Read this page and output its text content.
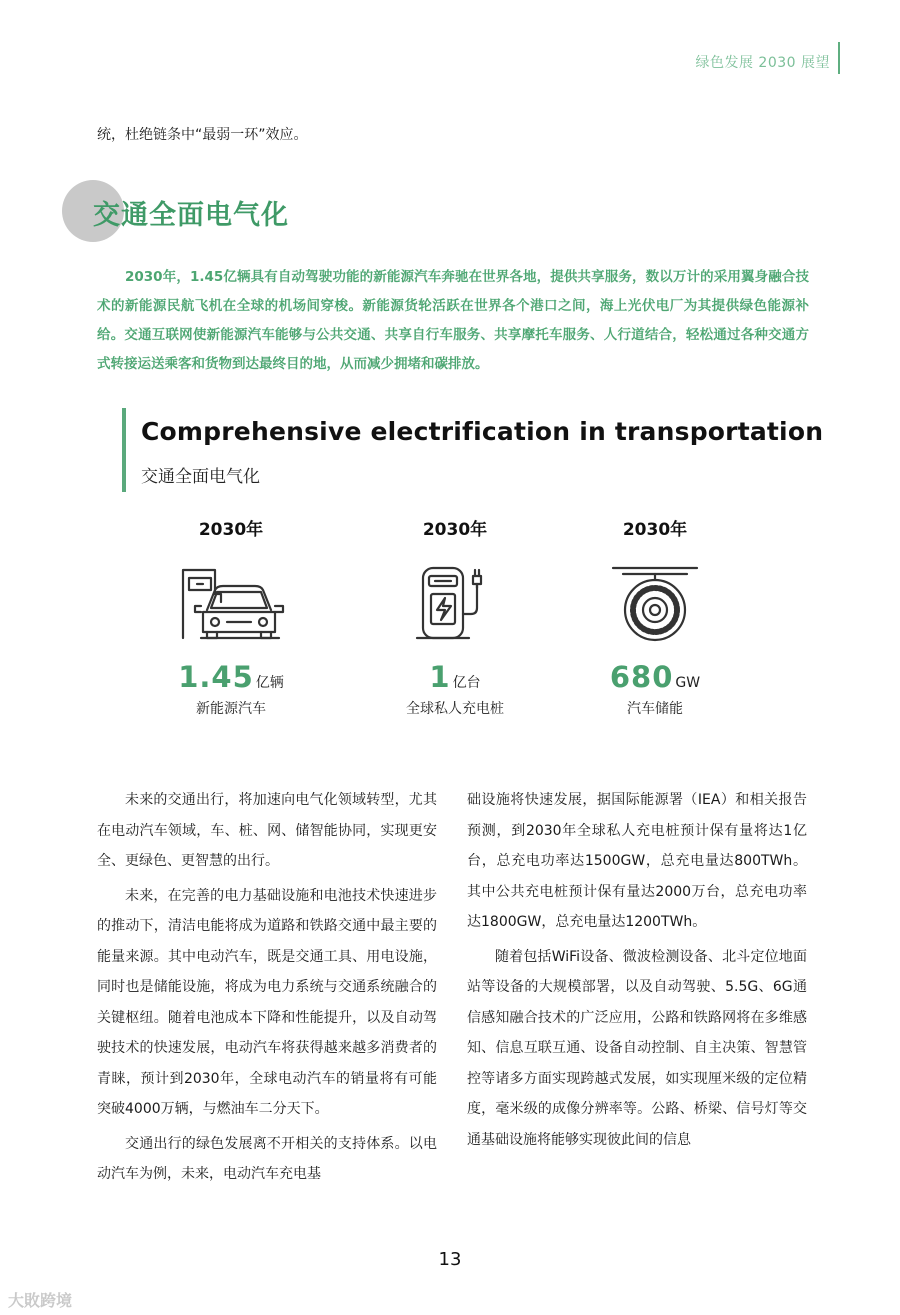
绿色发展 2030 展望
统，杜绝链条中“最弱一环”效应。
交通全面电气化
2030年，1.45亿辆具有自动驾驶功能的新能源汽车奔驰在世界各地，提供共享服务，数以万计的采用翼身融合技术的新能源民航飞机在全球的机场间穿梭。新能源货轮活跃在世界各个港口之间，海上光伏电厂为其提供绿色能源补给。交通互联网使新能源汽车能够与公共交通、共享自行车服务、共享摩托车服务、人行道结合，轻松通过各种交通方式转接运送乘客和货物到达最终目的地，从而减少拥堵和碳排放。
Comprehensive electrification in transportation
交通全面电气化
2030年
1.45 亿辆
新能源汽车
2030年
1 亿台
全球私人充电桩
2030年
680 GW
汽车储能

未来的交通出行，将加速向电气化领域转型，尤其在电动汽车领域，车、桩、网、储智能协同，实现更安全、更绿色、更智慧的出行。

未来，在完善的电力基础设施和电池技术快速进步的推动下，清洁电能将成为道路和铁路交通中最主要的能量来源。其中电动汽车，既是交通工具、用电设施，同时也是储能设施，将成为电力系统与交通系统融合的关键枢纽。随着电池成本下降和性能提升，以及自动驾驶技术的快速发展，电动汽车将获得越来越多消费者的青睐，预计到2030年，全球电动汽车的销量将有可能突破4000万辆，与燃油车二分天下。

交通出行的绿色发展离不开相关的支持体系。以电动汽车为例，未来，电动汽车充电基

础设施将快速发展，据国际能源署（IEA）和相关报告预测，到2030年全球私人充电桩预计保有量将达1亿台，总充电功率达1500GW，总充电量达800TWh。其中公共充电桩预计保有量达2000万台，总充电功率达1800GW，总充电量达1200TWh。

随着包括WiFi设备、微波检测设备、北斗定位地面站等设备的大规模部署，以及自动驾驶、5.5G、6G通信感知融合技术的广泛应用，公路和铁路网将在多维感知、信息互联互通、设备自动控制、自主决策、智慧管控等诸多方面实现跨越式发展，如实现厘米级的定位精度，毫米级的成像分辨率等。公路、桥梁、信号灯等交通基础设施将能够实现彼此间的信息

13
大敗跨境
